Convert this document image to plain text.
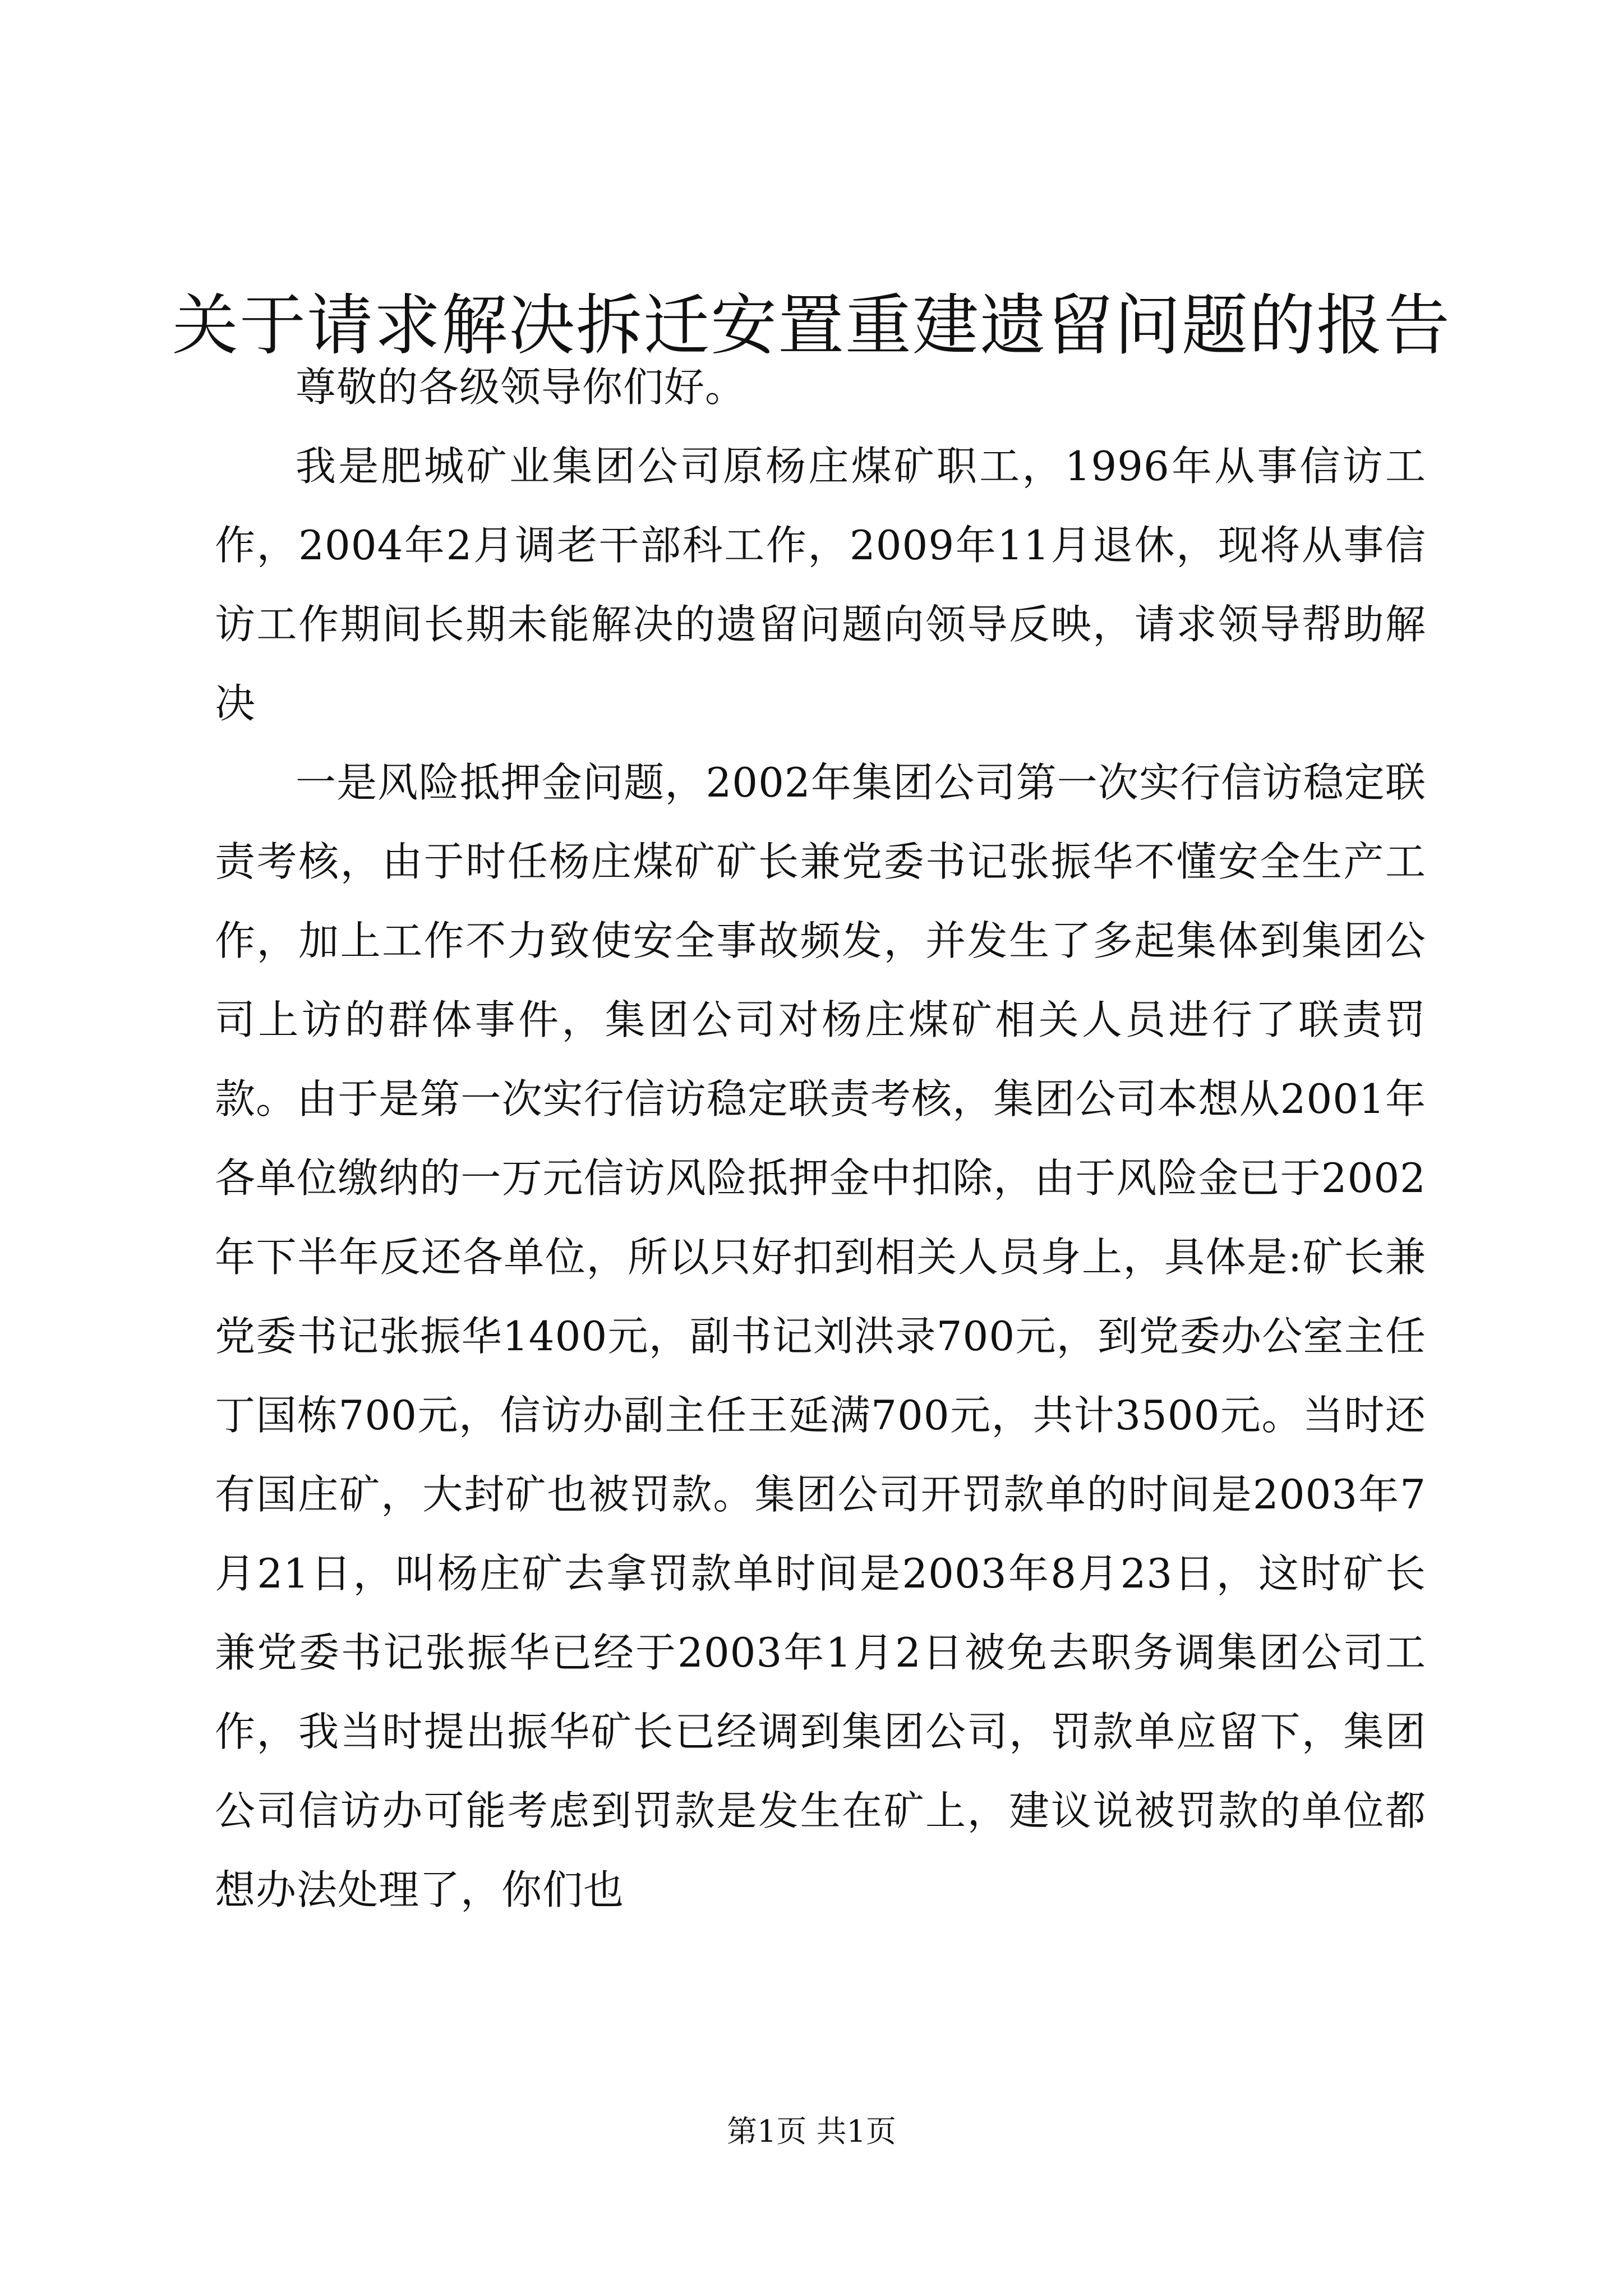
关于请求解决拆迁安置重建遗留问题的报告

尊敬的各级领导你们好。

我是肥城矿业集团公司原杨庄煤矿职工，1996年从事信访工作，2004年2月调老干部科工作，2009年11月退休，现将从事信访工作期间长期未能解决的遗留问题向领导反映，请求领导帮助解决

一是风险抵押金问题，2002年集团公司第一次实行信访稳定联责考核，由于时任杨庄煤矿矿长兼党委书记张振华不懂安全生产工作，加上工作不力致使安全事故频发，并发生了多起集体到集团公司上访的群体事件，集团公司对杨庄煤矿相关人员进行了联责罚款。由于是第一次实行信访稳定联责考核，集团公司本想从2001年各单位缴纳的一万元信访风险抵押金中扣除，由于风险金已于2002年下半年反还各单位，所以只好扣到相关人员身上，具体是:矿长兼党委书记张振华1400元，副书记刘洪录700元，到党委办公室主任丁国栋700元，信访办副主任王延满700元，共计3500元。当时还有国庄矿，大封矿也被罚款。集团公司开罚款单的时间是2003年7月21日，叫杨庄矿去拿罚款单时间是2003年8月23日，这时矿长兼党委书记张振华已经于2003年1月2日被免去职务调集团公司工作，我当时提出振华矿长已经调到集团公司，罚款单应留下，集团公司信访办可能考虑到罚款是发生在矿上，建议说被罚款的单位都想办法处理了，你们也

第1页 共1页
